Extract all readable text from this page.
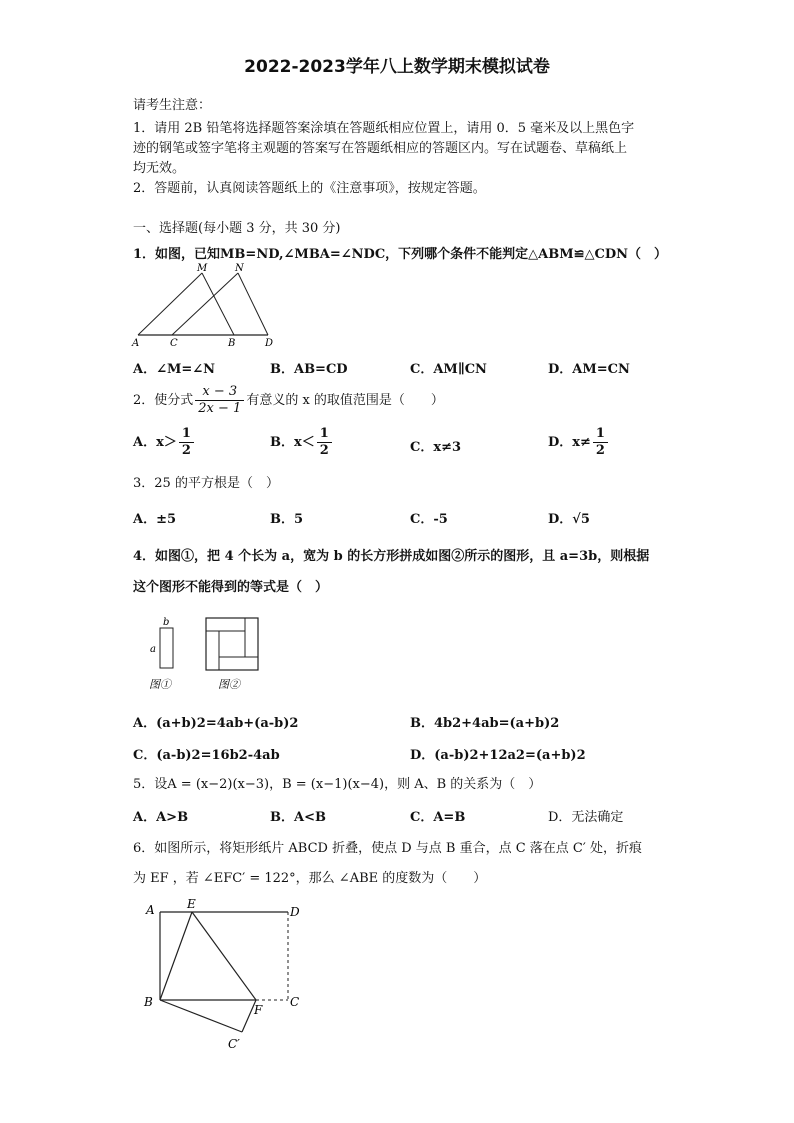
2022-2023学年八上数学期末模拟试卷
请考生注意：
1．请用 2B 铅笔将选择题答案涂填在答题纸相应位置上，请用 0．5 毫米及以上黑色字
迹的钢笔或签字笔将主观题的答案写在答题纸相应的答题区内。写在试题卷、草稿纸上
均无效。
2．答题前，认真阅读答题纸上的《注意事项》，按规定答题。
一、选择题(每小题 3 分，共 30 分)
1．如图，已知MB=ND,∠MBA=∠NDC，下列哪个条件不能判定△ABM≌△CDN（　）
M	N
A	C	B	D
A．∠M=∠N	B．AB=CD	C．AM∥CN	D．AM=CN
2．使分式 $\frac{x - 3}{2x - 1}$ 有意义的 x 的取值范围是（　　）
A．$x> \frac{1}{2}$	B．$x< \frac{1}{2}$	C．x≠3	D．$x\ne \frac{1}{2}$
3．25 的平方根是（　）
A．±5	B．5	C．-5	D．√5
4．如图①，把 4 个长为 a，宽为 b 的长方形拼成如图②所示的图形，且 a=3b，则根据
这个图形不能得到的等式是（　）
b
a
图①	图②
A．(a+b)2=4ab+(a-b)2	B．4b2+4ab=(a+b)2
C．(a-b)2=16b2-4ab	D．(a-b)2+12a2=(a+b)2
5．设A = (x−2)(x−3)，B = (x−1)(x−4)，则 A、B 的关系为（　）
A．A>B	B．A<B	C．A=B	D．无法确定
6．如图所示，将矩形纸片 ABCD 折叠，使点 D 与点 B 重合，点 C 落在点 C′ 处，折痕
为 EF ，若 ∠EFC′ = 122°，那么 ∠ABE 的度数为（　　）
A	E
D
B
F
C
C′
